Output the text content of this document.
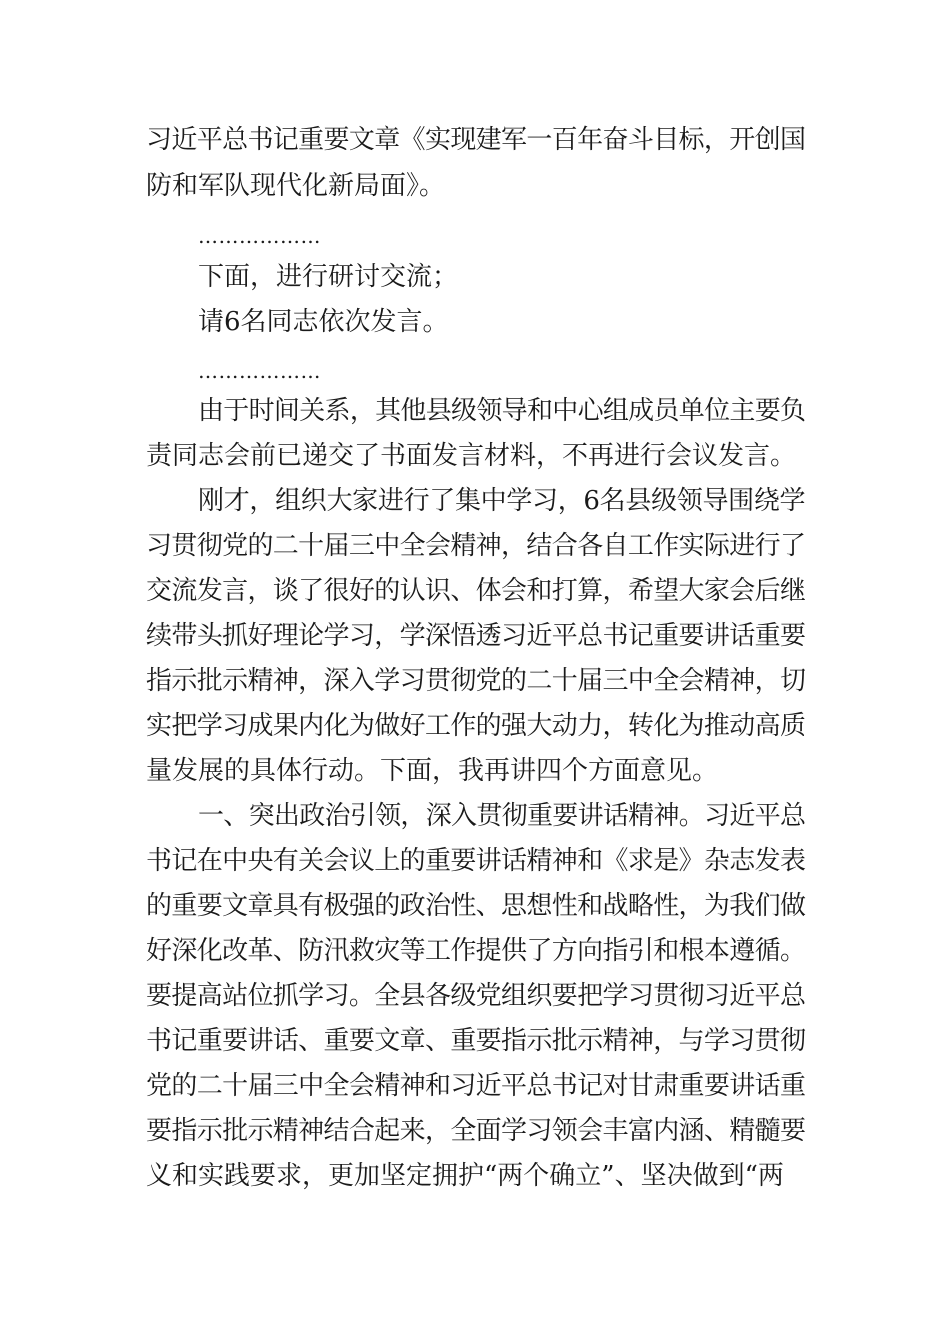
习近平总书记重要文章《实现建军一百年奋斗目标，开创国
防和军队现代化新局面》。
………………
下面，进行研讨交流；
请6名同志依次发言。
………………
由于时间关系，其他县级领导和中心组成员单位主要负
责同志会前已递交了书面发言材料，不再进行会议发言。
刚才，组织大家进行了集中学习，6名县级领导围绕学
习贯彻党的二十届三中全会精神，结合各自工作实际进行了
交流发言，谈了很好的认识、体会和打算，希望大家会后继
续带头抓好理论学习，学深悟透习近平总书记重要讲话重要
指示批示精神，深入学习贯彻党的二十届三中全会精神，切
实把学习成果内化为做好工作的强大动力，转化为推动高质
量发展的具体行动。下面，我再讲四个方面意见。
一、突出政治引领，深入贯彻重要讲话精神。习近平总
书记在中央有关会议上的重要讲话精神和《求是》杂志发表
的重要文章具有极强的政治性、思想性和战略性，为我们做
好深化改革、防汛救灾等工作提供了方向指引和根本遵循。
要提高站位抓学习。全县各级党组织要把学习贯彻习近平总
书记重要讲话、重要文章、重要指示批示精神，与学习贯彻
党的二十届三中全会精神和习近平总书记对甘肃重要讲话重
要指示批示精神结合起来，全面学习领会丰富内涵、精髓要
义和实践要求，更加坚定拥护“两个确立”、坚决做到“两
